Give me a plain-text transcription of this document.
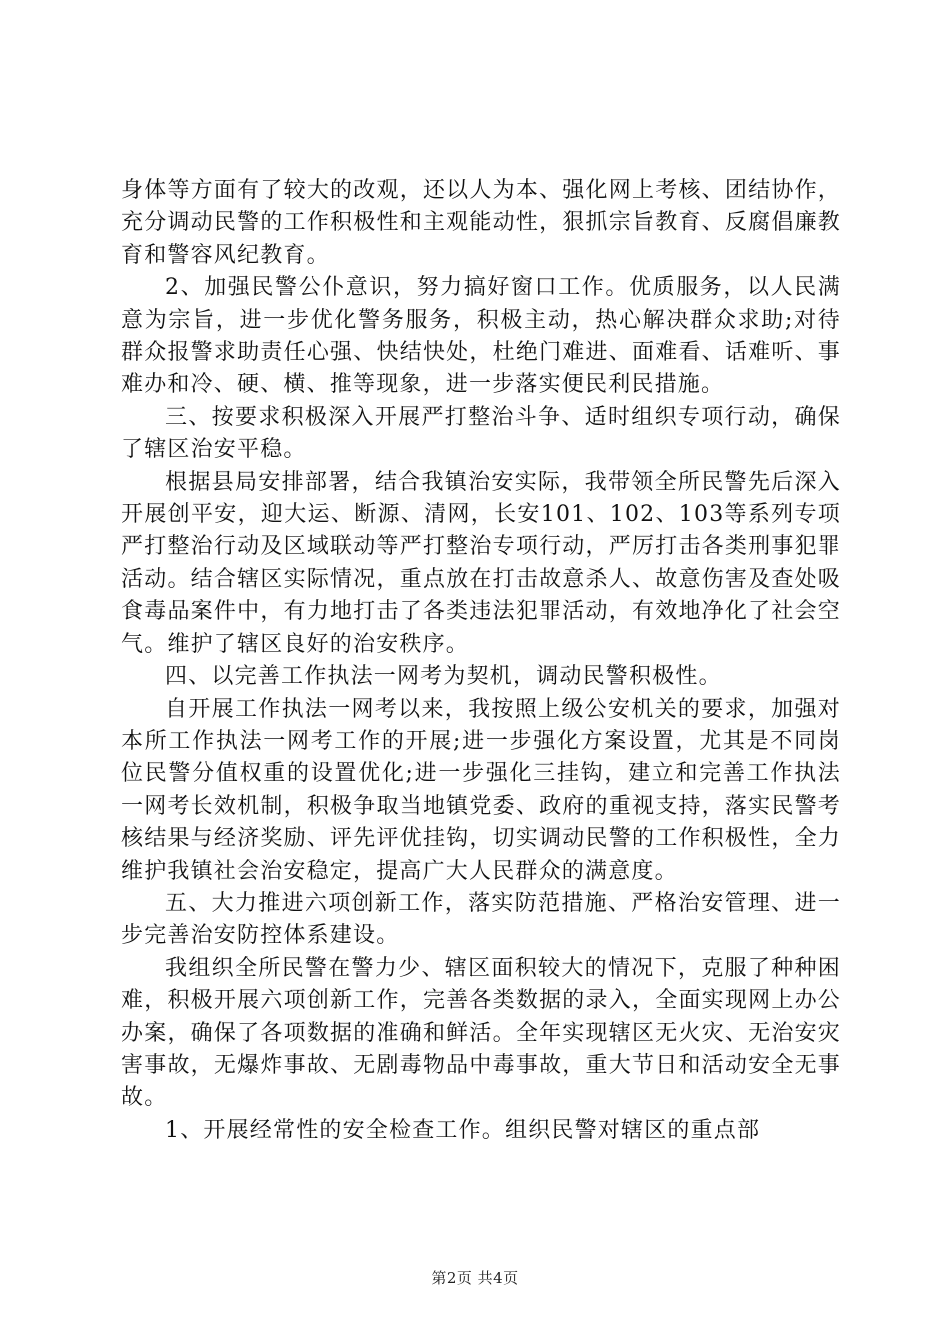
身体等方面有了较大的改观，还以人为本、强化网上考核、团结协作，充分调动民警的工作积极性和主观能动性，狠抓宗旨教育、反腐倡廉教育和警容风纪教育。

2、加强民警公仆意识，努力搞好窗口工作。优质服务，以人民满意为宗旨，进一步优化警务服务，积极主动，热心解决群众求助;对待群众报警求助责任心强、快结快处，杜绝门难进、面难看、话难听、事难办和冷、硬、横、推等现象，进一步落实便民利民措施。

三、按要求积极深入开展严打整治斗争、适时组织专项行动，确保了辖区治安平稳。

根据县局安排部署，结合我镇治安实际，我带领全所民警先后深入开展创平安，迎大运、断源、清网，长安101、102、103等系列专项严打整治行动及区域联动等严打整治专项行动，严厉打击各类刑事犯罪活动。结合辖区实际情况，重点放在打击故意杀人、故意伤害及查处吸食毒品案件中，有力地打击了各类违法犯罪活动，有效地净化了社会空气。维护了辖区良好的治安秩序。

四、以完善工作执法一网考为契机，调动民警积极性。

自开展工作执法一网考以来，我按照上级公安机关的要求，加强对本所工作执法一网考工作的开展;进一步强化方案设置，尤其是不同岗位民警分值权重的设置优化;进一步强化三挂钩，建立和完善工作执法一网考长效机制，积极争取当地镇党委、政府的重视支持，落实民警考核结果与经济奖励、评先评优挂钩，切实调动民警的工作积极性，全力维护我镇社会治安稳定，提高广大人民群众的满意度。

五、大力推进六项创新工作，落实防范措施、严格治安管理、进一步完善治安防控体系建设。

我组织全所民警在警力少、辖区面积较大的情况下，克服了种种困难，积极开展六项创新工作，完善各类数据的录入，全面实现网上办公办案，确保了各项数据的准确和鲜活。全年实现辖区无火灾、无治安灾害事故，无爆炸事故、无剧毒物品中毒事故，重大节日和活动安全无事故。

1、开展经常性的安全检查工作。组织民警对辖区的重点部

第2页 共4页
